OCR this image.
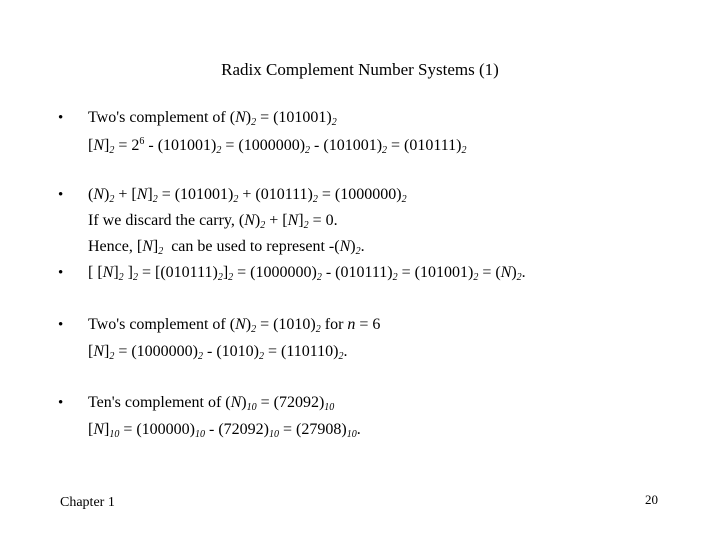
Radix Complement Number Systems (1)
• Two's complement of $(N)_2 = (101001)_2$
$[N]_2 = 2^6 - (101001)_2 = (1000000)_2 - (101001)_2 = (010111)_2$
• $(N)_2 + [N]_2 = (101001)_2 + (010111)_2 = (1000000)_2$
If we discard the carry, $(N)_2 + [N]_2 = 0$.
Hence, $[N]_2$  can be used to represent $-(N)_2$.
• [ $[N]_2$ ]$_2 = [(010111)_2]_2 = (1000000)_2 - (010111)_2 = (101001)_2 = (N)_2$.
• Two's complement of $(N)_2 = (1010)_2$ for n = 6
$[N]_2 = (1000000)_2 - (1010)_2 = (110110)_2$.
• Ten's complement of $(N)_{10} = (72092)_{10}$
$[N]_{10} = (100000)_{10} - (72092)_{10} = (27908)_{10}$.
Chapter 1	20
